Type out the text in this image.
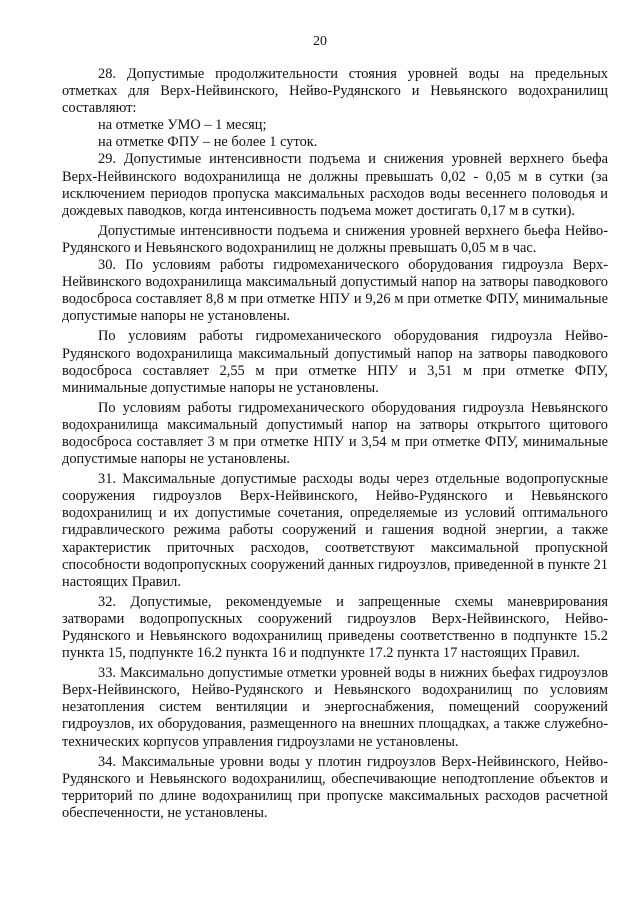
20

28. Допустимые продолжительности стояния уровней воды на предельных отметках для Верх-Нейвинского, Нейво-Рудянского и Невьянского водохранилищ составляют:

на отметке УМО – 1 месяц;

на отметке ФПУ – не более 1 суток.

29. Допустимые интенсивности подъема и снижения уровней верхнего бьефа Верх-Нейвинского водохранилища не должны превышать 0,02 - 0,05 м в сутки (за исключением периодов пропуска максимальных расходов воды весеннего половодья и дождевых паводков, когда интенсивность подъема может достигать 0,17 м в сутки).

Допустимые интенсивности подъема и снижения уровней верхнего бьефа Нейво-Рудянского и Невьянского водохранилищ не должны превышать 0,05 м в час.

30. По условиям работы гидромеханического оборудования гидроузла Верх-Нейвинского водохранилища максимальный допустимый напор на затворы паводкового водосброса составляет 8,8 м при отметке НПУ и 9,26 м при отметке ФПУ, минимальные допустимые напоры не установлены.

По условиям работы гидромеханического оборудования гидроузла Нейво-Рудянского водохранилища максимальный допустимый напор на затворы паводкового водосброса составляет 2,55 м при отметке НПУ и 3,51 м при отметке ФПУ, минимальные допустимые напоры не установлены.

По условиям работы гидромеханического оборудования гидроузла Невьянского водохранилища максимальный допустимый напор на затворы открытого щитового водосброса составляет 3 м при отметке НПУ и 3,54 м при отметке ФПУ, минимальные допустимые напоры не установлены.

31. Максимальные допустимые расходы воды через отдельные водопропускные сооружения гидроузлов Верх-Нейвинского, Нейво-Рудянского и Невьянского водохранилищ и их допустимые сочетания, определяемые из условий оптимального гидравлического режима работы сооружений и гашения водной энергии, а также характеристик приточных расходов, соответствуют максимальной пропускной способности водопропускных сооружений данных гидроузлов, приведенной в пункте 21 настоящих Правил.

32. Допустимые, рекомендуемые и запрещенные схемы маневрирования затворами водопропускных сооружений гидроузлов Верх-Нейвинского, Нейво-Рудянского и Невьянского водохранилищ приведены соответственно в подпункте 15.2 пункта 15, подпункте 16.2 пункта 16 и подпункте 17.2 пункта 17 настоящих Правил.

33. Максимально допустимые отметки уровней воды в нижних бьефах гидроузлов Верх-Нейвинского, Нейво-Рудянского и Невьянского водохранилищ по условиям незатопления систем вентиляции и энергоснабжения, помещений сооружений гидроузлов, их оборудования, размещенного на внешних площадках, а также служебно-технических корпусов управления гидроузлами не установлены.

34. Максимальные уровни воды у плотин гидроузлов Верх-Нейвинского, Нейво-Рудянского и Невьянского водохранилищ, обеспечивающие неподтопление объектов и территорий по длине водохранилищ при пропуске максимальных расходов расчетной обеспеченности, не установлены.
